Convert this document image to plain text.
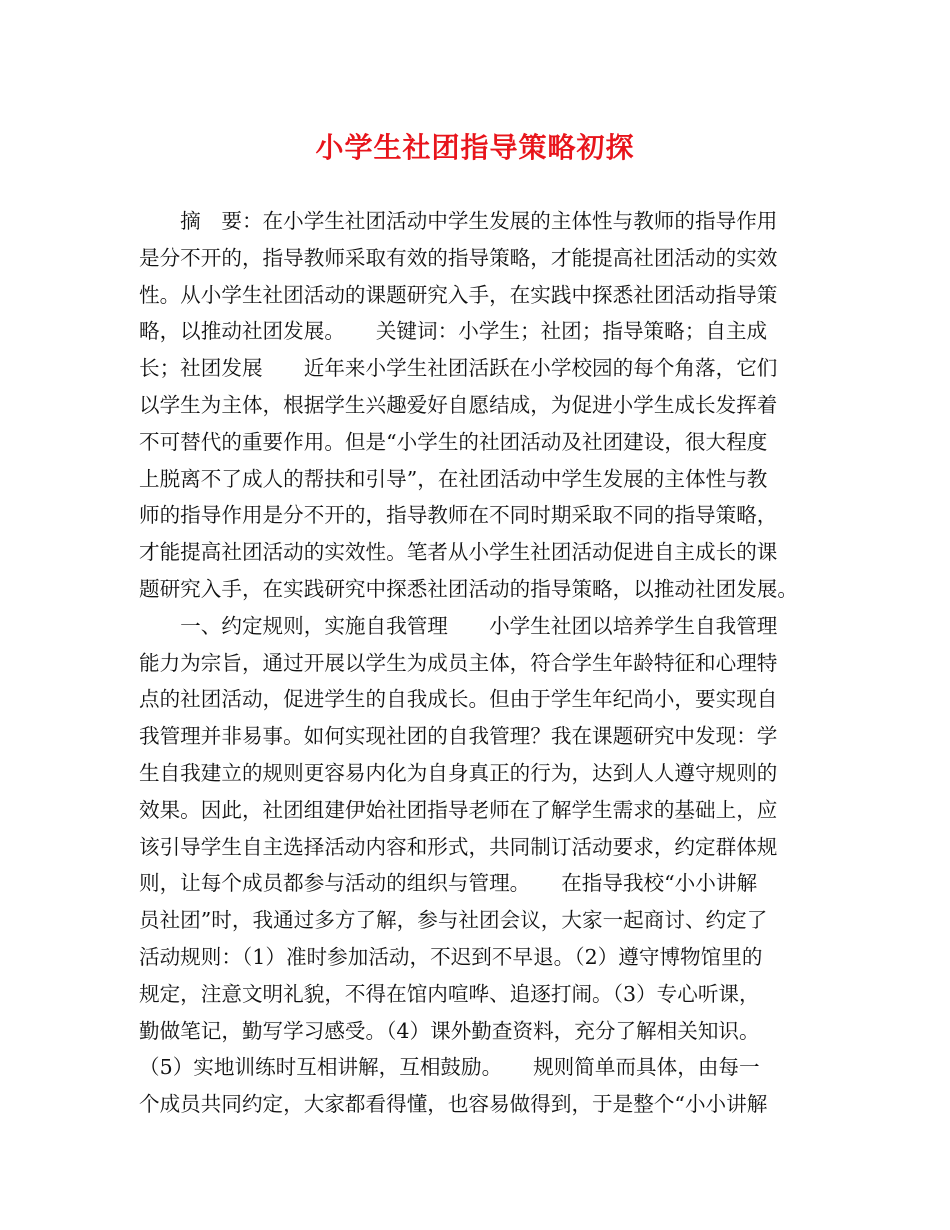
小学生社团指导策略初探
　　摘　要：在小学生社团活动中学生发展的主体性与教师的指导作用
是分不开的，指导教师采取有效的指导策略，才能提高社团活动的实效
性。从小学生社团活动的课题研究入手，在实践中探悉社团活动指导策
略，以推动社团发展。　　关键词：小学生；社团；指导策略；自主成
长；社团发展　　近年来小学生社团活跃在小学校园的每个角落，它们
以学生为主体，根据学生兴趣爱好自愿结成，为促进小学生成长发挥着
不可替代的重要作用。但是“小学生的社团活动及社团建设，很大程度
上脱离不了成人的帮扶和引导”，在社团活动中学生发展的主体性与教
师的指导作用是分不开的，指导教师在不同时期采取不同的指导策略，
才能提高社团活动的实效性。笔者从小学生社团活动促进自主成长的课
题研究入手，在实践研究中探悉社团活动的指导策略，以推动社团发展。
　　一、约定规则，实施自我管理　　小学生社团以培养学生自我管理
能力为宗旨，通过开展以学生为成员主体，符合学生年龄特征和心理特
点的社团活动，促进学生的自我成长。但由于学生年纪尚小，要实现自
我管理并非易事。如何实现社团的自我管理？我在课题研究中发现：学
生自我建立的规则更容易内化为自身真正的行为，达到人人遵守规则的
效果。因此，社团组建伊始社团指导老师在了解学生需求的基础上，应
该引导学生自主选择活动内容和形式，共同制订活动要求，约定群体规
则，让每个成员都参与活动的组织与管理。　　在指导我校“小小讲解
员社团”时，我通过多方了解，参与社团会议，大家一起商讨、约定了
活动规则：（1）准时参加活动，不迟到不早退。（2）遵守博物馆里的
规定，注意文明礼貌，不得在馆内喧哗、追逐打闹。（3）专心听课，
勤做笔记，勤写学习感受。（4）课外勤查资料，充分了解相关知识。
（5）实地训练时互相讲解，互相鼓励。　　规则简单而具体，由每一
个成员共同约定，大家都看得懂，也容易做得到，于是整个“小小讲解
